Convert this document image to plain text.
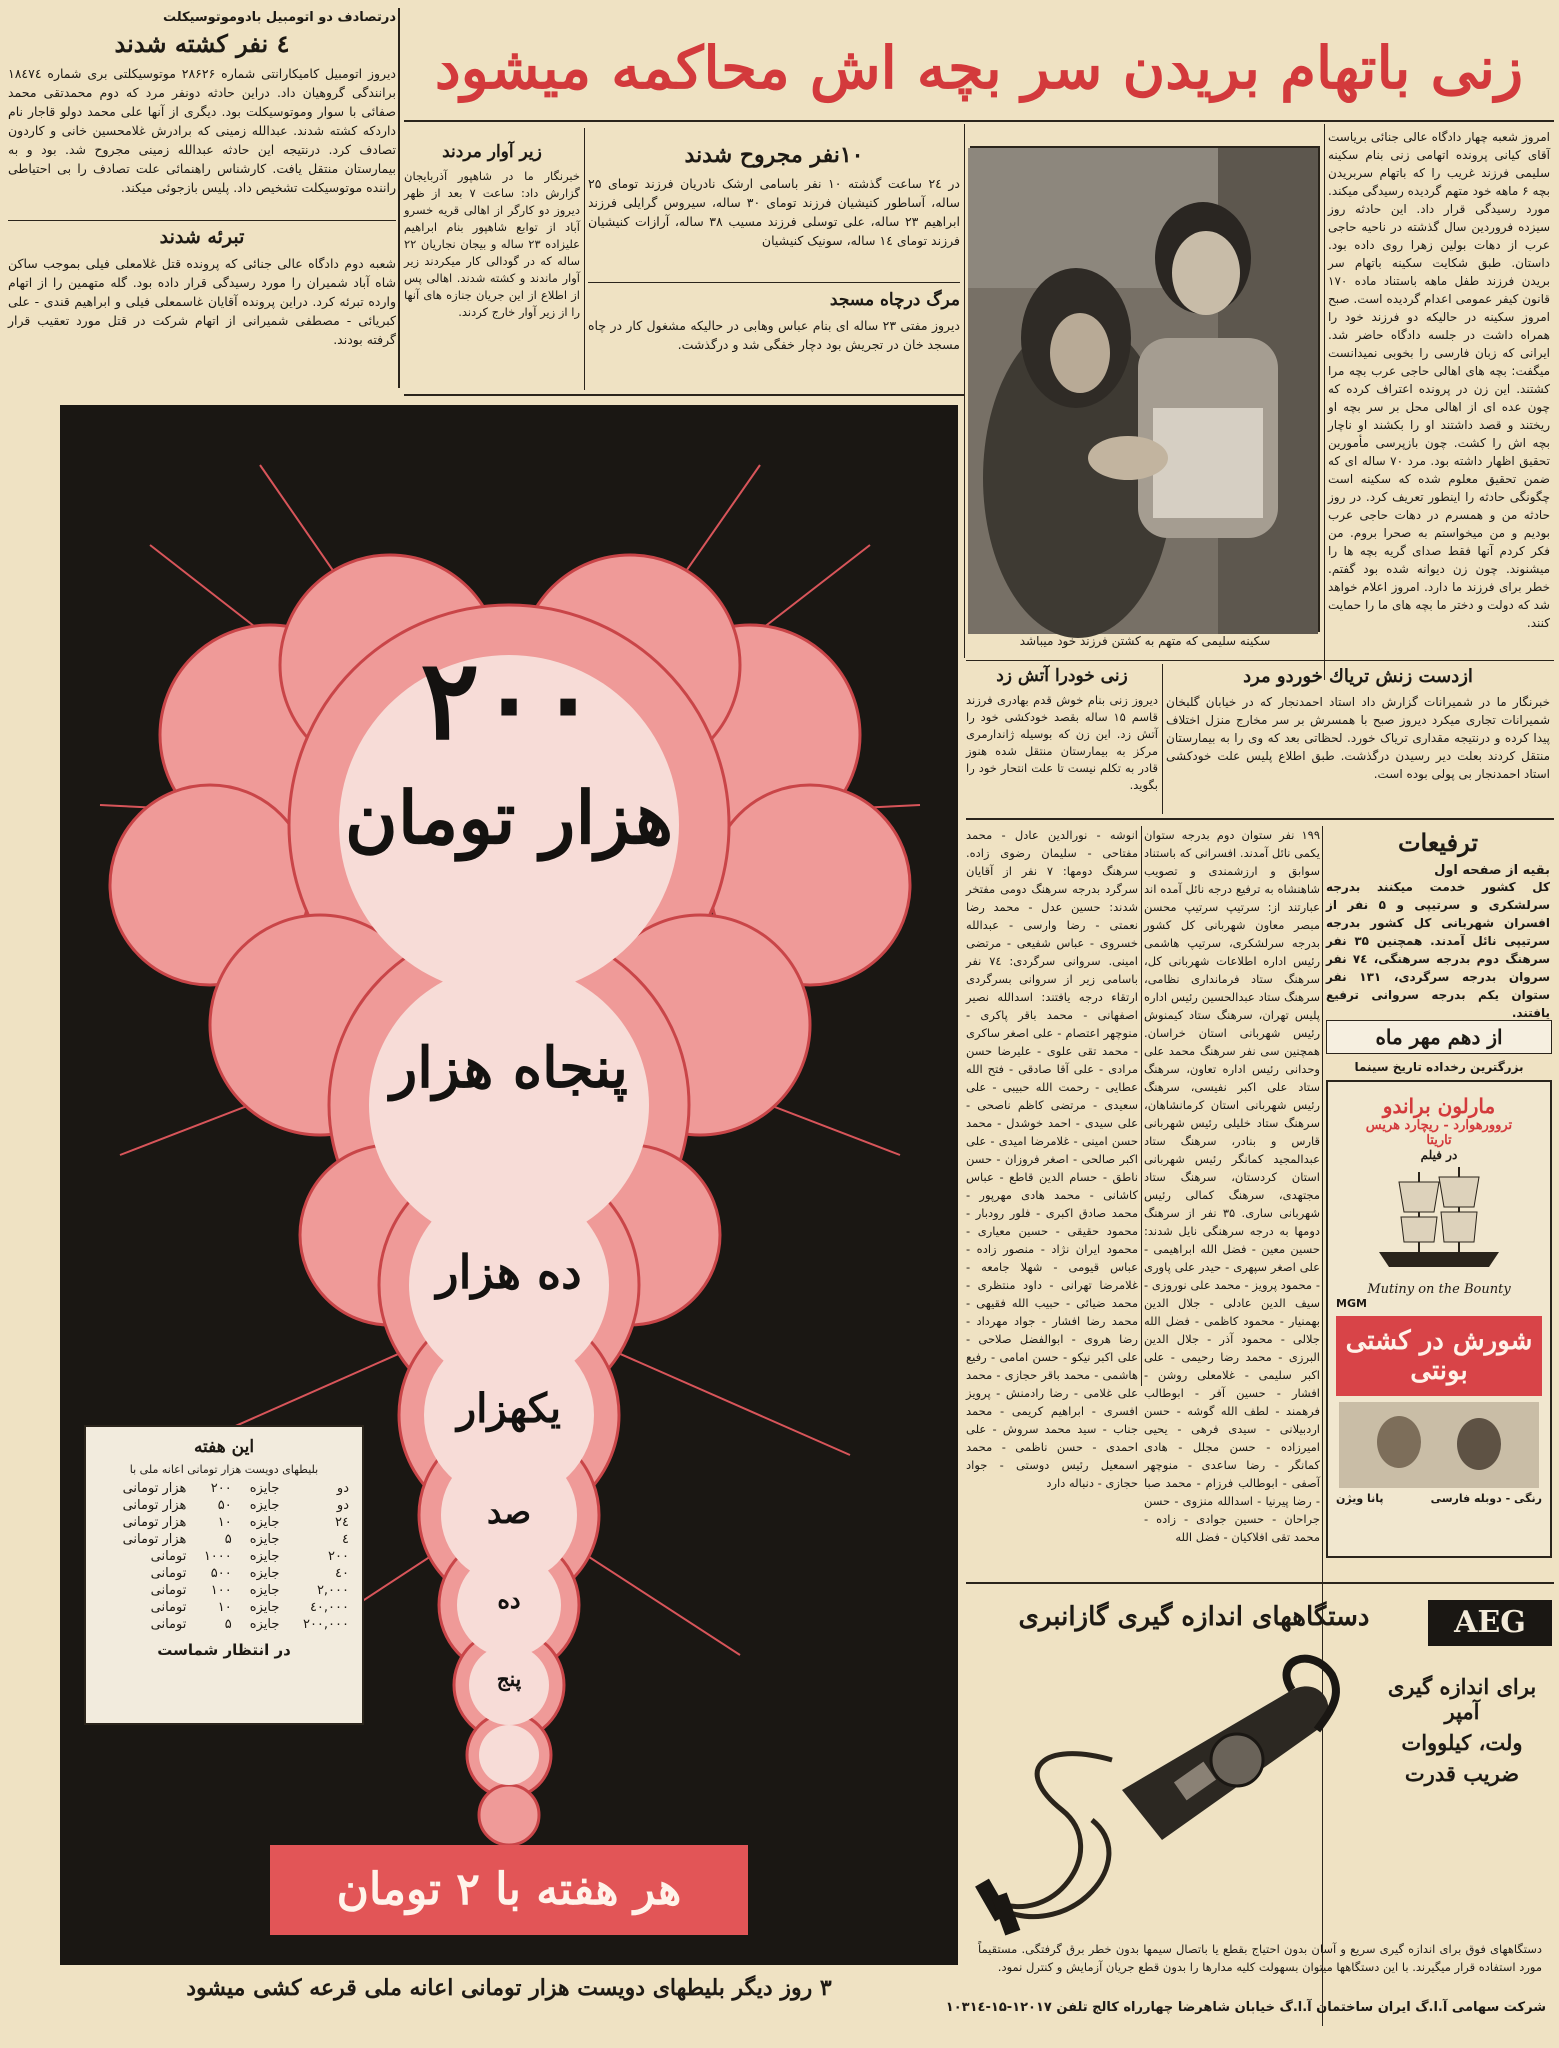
درتصادف دو اتومبیل بادوموتوسیکلت
٤ نفر کشته شدند
دیروز اتومبیل کامیکارانتی شماره ۲۸۶۲۶ موتوسیکلتی بری شماره ۱۸٤۷٤ برانندگی گروهیان داد. دراین حادثه دونفر مرد که دوم محمدتقی محمد صفائی با سوار وموتوسیکلت بود. دیگری از آنها علی محمد دولو قاجار نام داردکه کشته شدند. عبدالله زمینی که برادرش غلامحسین خانی و کاردون تصادف کرد. درنتیجه این حادثه عبدالله زمینی مجروح شد. بود و به بیمارستان منتقل یافت. کارشناس راهنمائی علت تصادف را بی احتیاطی راننده موتوسیکلت تشخیص داد. پلیس بازجوئی میکند.
تبرئه شدند
شعبه دوم دادگاه عالی جنائی که پرونده قتل غلامعلی فیلی بموجب ساکن شاه آباد شمیران را مورد رسیدگی قرار داده بود. گله متهمین را از اتهام وارده تبرئه کرد. دراین پرونده آقایان غاسمعلی فیلی و ابراهیم قندی - علی کبریائی - مصطفی شمیرانی از اتهام شرکت در قتل مورد تعقیب قرار گرفته بودند.
زنی باتهام بریدن سر بچه اش محاکمه میشود
امروز شعبه چهار دادگاه عالی جنائی بریاست آقای کیانی پرونده اتهامی زنی بنام سکینه سلیمی فرزند غریب را که باتهام سربریدن بچه ۶ ماهه خود متهم گردیده رسیدگی میکند. مورد رسیدگی قرار داد. این حادثه روز سیزده فروردین سال گذشته در ناحیه حاجی عرب از دهات بولین زهرا روی داده بود. داستان. طبق شکایت سکینه باتهام سر بریدن فرزند طفل ماهه باستناد ماده ۱۷۰ قانون کیفر عمومی اعدام گردیده است. صبح امروز سکینه در حالیکه دو فرزند خود را همراه داشت در جلسه دادگاه حاضر شد. ایرانی که زبان فارسی را بخوبی نمیدانست میگفت: بچه های اهالی حاجی عرب بچه مرا کشتند. این زن در پرونده اعتراف کرده که چون عده ای از اهالی محل بر سر بچه او ریختند و قصد داشتند او را بکشند او ناچار بچه اش را کشت. چون بازپرسی مأمورین تحقیق اظهار داشته بود. مرد ۷۰ ساله ای که ضمن تحقیق معلوم شده که سکینه است چگونگی حادثه را اینطور تعریف کرد. در روز حادثه من و همسرم در دهات حاجی عرب بودیم و من میخواستم به صحرا بروم. من فکر کردم آنها فقط صدای گریه بچه ها را میشنوند. چون زن دیوانه شده بود گفتم. خطر برای فرزند ما دارد. امروز اعلام خواهد شد که دولت و دختر ما بچه های ما را حمایت کنند.
سکینه سلیمی که متهم به کشتن فرزند خود میباشد
۱۰نفر مجروح شدند
در ۲٤ ساعت گذشته ۱۰ نفر باسامی ارشک نادریان فرزند تومای ۲۵ ساله، آساطور کنیشیان فرزند تومای ۳۰ ساله، سیروس گرایلی فرزند ابراهیم ۲۳ ساله، علی توسلی فرزند مسیب ۳۸ ساله، آرازات کنیشیان فرزند تومای ۱٤ ساله، سونیک کنیشیان
مرگ درچاه مسجد
دیروز مفتی ۲۳ ساله ای بنام عباس وهابی در حالیکه مشغول کار در چاه مسجد خان در تجریش بود دچار خفگی شد و درگذشت.
زیر آوار مردند
خبرنگار ما در شاهپور آذربایجان گزارش داد: ساعت ۷ بعد از ظهر دیروز دو کارگر از اهالی قریه خسرو آباد از توابع شاهپور بنام ابراهیم علیزاده ۲۳ ساله و بیجان نجاریان ۲۲ ساله که در گودالی کار میکردند زیر آوار ماندند و کشته شدند. اهالی پس از اطلاع از این جریان جنازه های آنها را از زیر آوار خارج کردند.
۲۰۰
هزار تومان
پنجاه هزار
ده هزار
یکهزار
صد
ده
پنج
این هفته
بلیطهای دویست هزار تومانی اعانه ملی با
دو	جایزه	۲۰۰	هزار تومانی
دو	جایزه	۵۰	هزار تومانی
۲٤	جایزه	۱۰	هزار تومانی
٤	جایزه	۵	هزار تومانی
۲۰۰	جایزه	۱۰۰۰	تومانی
٤۰	جایزه	۵۰۰	تومانی
۲,۰۰۰	جایزه	۱۰۰	تومانی
٤۰,۰۰۰	جایزه	۱۰	تومانی
۲۰۰,۰۰۰	جایزه	۵	تومانی
در انتظار شماست
هر هفته با ۲ تومان
۳ روز دیگر بلیطهای دویست هزار تومانی اعانه ملی قرعه کشی میشود
ازدست زنش تریاك خوردو مرد
خبرنگار ما در شمیرانات گزارش داد استاد احمدنجار که در خیابان گلبخان شمیرانات تجاری میکرد دیروز صبح با همسرش بر سر مخارج منزل اختلاف پیدا کرده و درنتیجه مقداری تریاک خورد. لحظاتی بعد که وی را به بیمارستان منتقل کردند بعلت دیر رسیدن درگذشت. طبق اطلاع پلیس علت خودکشی استاد احمدنجار بی پولی بوده است.
زنی خودرا آتش زد
دیروز زنی بنام خوش قدم بهادری فرزند قاسم ۱۵ ساله بقصد خودکشی خود را آتش زد. این زن که بوسیله ژاندارمری مرکز به بیمارستان منتقل شده هنوز قادر به تکلم نیست تا علت انتحار خود را بگوید.
ترفیعات
بقیه از صفحه اول
کل کشور خدمت میکنند بدرجه سرلشکری و سرتیپی و ۵ نفر از افسران شهربانی کل کشور بدرجه سرتیپی نائل آمدند. همچنین ۳۵ نفر سرهنگ دوم بدرجه سرهنگی، ۷٤ نفر سروان بدرجه سرگردی، ۱۳۱ نفر ستوان یکم بدرجه سروانی ترفیع یافتند.
۱۹۹ نفر ستوان دوم بدرجه ستوان یکمی نائل آمدند. افسرانی که باستناد سوابق و ارزشمندی و تصویب شاهنشاه به ترفیع درجه نائل آمده اند عبارتند از: سرتیپ سرتیپ محسن مبصر معاون شهربانی کل کشور بدرجه سرلشکری، سرتیپ هاشمی رئیس اداره اطلاعات شهربانی کل، سرهنگ ستاد فرمانداری نظامی، سرهنگ ستاد عبدالحسین رئیس اداره پلیس تهران، سرهنگ ستاد کیمنوش رئیس شهربانی استان خراسان. همچنین سی نفر سرهنگ محمد علی وحدانی رئیس اداره تعاون، سرهنگ ستاد علی اکبر نفیسی، سرهنگ رئیس شهربانی استان کرمانشاهان، سرهنگ ستاد خلیلی رئیس شهربانی قارس و بنادر، سرهنگ ستاد عبدالمجید کمانگر رئیس شهربانی استان کردستان، سرهنگ ستاد مجتهدی، سرهنگ کمالی رئیس شهربانی ساری. ۳۵ نفر از سرهنگ دومها به درجه سرهنگی نایل شدند: حسین معین - فضل الله ابراهیمی - علی اصغر سپهری - حیدر علی پاوری - محمود پرویز - محمد علی نوروزی - سیف الدین عادلی - جلال الدین بهمنیار - محمود کاظمی - فضل الله جلالی - محمود آذر - جلال الدین البرزی - محمد رضا رحیمی - علی اکبر سلیمی - غلامعلی روشن - افشار - حسین آفر - ابوطالب فرهمند - لطف الله گوشه - حسن اردبیلانی - سیدی فرهی - یحیی امیرزاده - حسن مجلل - هادی کمانگر - رضا ساعدی - منوچهر آصفی - ابوطالب فرزام - محمد صبا - رضا پیرنیا - اسدالله منزوی - حسن جراحان - حسین جوادی - زاده - محمد تقی افلاکیان - فضل الله
انوشه - نورالدین عادل - محمد مفتاحی - سلیمان رضوی زاده. سرهنگ دومها: ۷ نفر از آقایان سرگرد بدرجه سرهنگ دومی مفتخر شدند: حسین عدل - محمد رضا نعمتی - رضا وارسی - عبدالله خسروی - عباس شفیعی - مرتضی امینی. سروانی سرگردی: ۷٤ نفر باسامی زیر از سروانی بسرگردی ارتقاء درجه یافتند: اسدالله نصیر اصفهانی - محمد باقر پاکری - منوچهر اعتصام - علی اصغر ساکری - محمد تقی علوی - علیرضا حسن مرادی - علی آقا صادقی - فتح الله عطایی - رحمت الله حبیبی - علی سعیدی - مرتضی کاظم ناصحی - علی سیدی - احمد خوشدل - محمد حسن امینی - غلامرضا امیدی - علی اکبر صالحی - اصغر فروزان - حسن ناطق - حسام الدین قاطع - عباس کاشانی - محمد هادی مهرپور - محمد صادق اکبری - فلور رودبار - محمود حقیقی - حسین معیاری - محمود ایران نژاد - منصور زاده - عباس قیومی - شهلا جامعه - غلامرضا تهرانی - داود منتظری - محمد ضیائی - حبیب الله فقیهی - محمد رضا افشار - جواد مهرداد - رضا هروی - ابوالفضل صلاحی - علی اکبر نیکو - حسن امامی - رفیع هاشمی - محمد باقر حجازی - محمد علی غلامی - رضا رادمنش - پرویز افسری - ابراهیم کریمی - محمد جناب - سید محمد سروش - علی احمدی - حسن ناظمی - محمد اسمعیل رئیس دوستی - جواد حجازی - دنباله دارد
از دهم مهر ماه
بزرگترین رخداده تاریخ سینما
مارلون براندو
تروورهوارد - ریچارد هریس
تاریتا
در فیلم
Mutiny on the Bounty
MGM
شورش در کشتی بونتی
رنگی - دوبله فارسی
پانا ویژن
AEG
دستگاههای اندازه گیری گازانبری
برای اندازه گیری آمپر
ولت، کیلووات
ضریب قدرت
دستگاههای فوق برای اندازه گیری سریع و آسان بدون احتیاج بقطع یا باتصال سیمها بدون خطر برق گرفتگی. مستقیماً مورد استفاده قرار میگیرند. با این دستگاهها میتوان بسهولت کلیه مدارها را بدون قطع جریان آزمایش و کنترل نمود.
شرکت سهامی آ.ا.گ ایران ساختمان آ.ا.گ خیابان شاهرضا چهارراه کالج تلفن ۱۲۰۱۷-۱۵-۱۰۳۱٤
